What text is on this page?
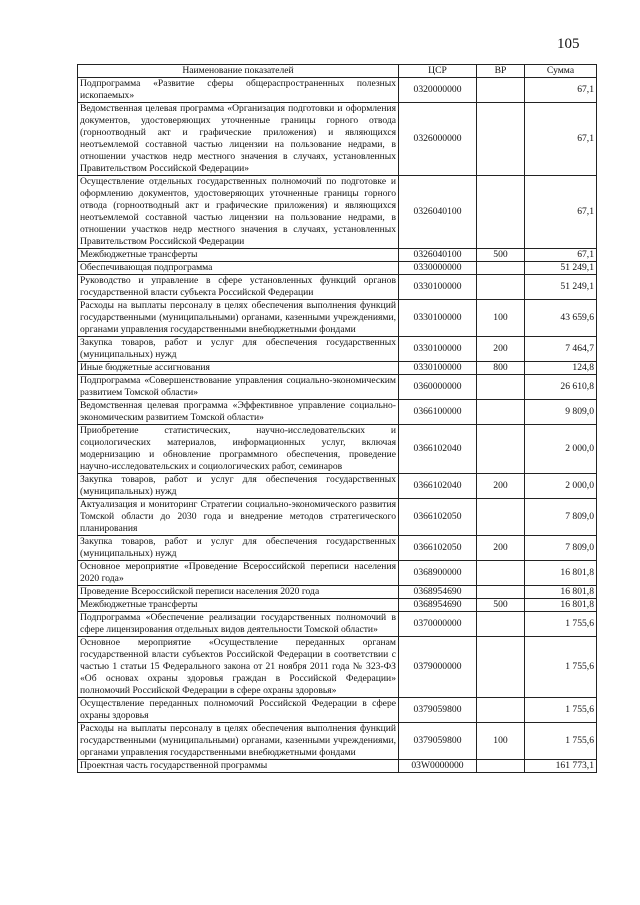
105
Наименование показателей	ЦСР	ВР	Сумма
Подпрограмма «Развитие сферы общераспространенных полезных ископаемых»	0320000000		67,1
Ведомственная целевая программа «Организация подготовки и оформления документов, удостоверяющих уточненные границы горного отвода (горноотводный акт и графические приложения) и являющихся неотъемлемой составной частью лицензии на пользование недрами, в отношении участков недр местного значения в случаях, установленных Правительством Российской Федерации»	0326000000		67,1
Осуществление отдельных государственных полномочий по подготовке и оформлению документов, удостоверяющих уточненные границы горного отвода (горноотводный акт и графические приложения) и являющихся неотъемлемой составной частью лицензии на пользование недрами, в отношении участков недр местного значения в случаях, установленных Правительством Российской Федерации	0326040100		67,1
Межбюджетные трансферты	0326040100	500	67,1
Обеспечивающая подпрограмма	0330000000		51 249,1
Руководство и управление в сфере установленных функций органов государственной власти субъекта Российской Федерации	0330100000		51 249,1
Расходы на выплаты персоналу в целях обеспечения выполнения функций государственными (муниципальными) органами, казенными учреждениями, органами управления государственными внебюджетными фондами	0330100000	100	43 659,6
Закупка товаров, работ и услуг для обеспечения государственных (муниципальных) нужд	0330100000	200	7 464,7
Иные бюджетные ассигнования	0330100000	800	124,8
Подпрограмма «Совершенствование управления социально-экономическим развитием Томской области»	0360000000		26 610,8
Ведомственная целевая программа «Эффективное управление социально-экономическим развитием Томской области»	0366100000		9 809,0
Приобретение статистических, научно-исследовательских и социологических материалов, информационных услуг, включая модернизацию и обновление программного обеспечения, проведение научно-исследовательских и социологических работ, семинаров	0366102040		2 000,0
Закупка товаров, работ и услуг для обеспечения государственных (муниципальных) нужд	0366102040	200	2 000,0
Актуализация и мониторинг Стратегии социально-экономического развития Томской области до 2030 года и внедрение методов стратегического планирования	0366102050		7 809,0
Закупка товаров, работ и услуг для обеспечения государственных (муниципальных) нужд	0366102050	200	7 809,0
Основное мероприятие «Проведение Всероссийской переписи населения 2020 года»	0368900000		16 801,8
Проведение Всероссийской переписи населения 2020 года	0368954690		16 801,8
Межбюджетные трансферты	0368954690	500	16 801,8
Подпрограмма «Обеспечение реализации государственных полномочий в сфере лицензирования отдельных видов деятельности Томской области»	0370000000		1 755,6
Основное мероприятие «Осуществление переданных органам государственной власти субъектов Российской Федерации в соответствии с частью 1 статьи 15 Федерального закона от 21 ноября 2011 года № 323-ФЗ «Об основах охраны здоровья граждан в Российской Федерации» полномочий Российской Федерации в сфере охраны здоровья»	0379000000		1 755,6
Осуществление переданных полномочий Российской Федерации в сфере охраны здоровья	0379059800		1 755,6
Расходы на выплаты персоналу в целях обеспечения выполнения функций государственными (муниципальными) органами, казенными учреждениями, органами управления государственными внебюджетными фондами	0379059800	100	1 755,6
Проектная часть государственной программы	03W0000000		161 773,1
